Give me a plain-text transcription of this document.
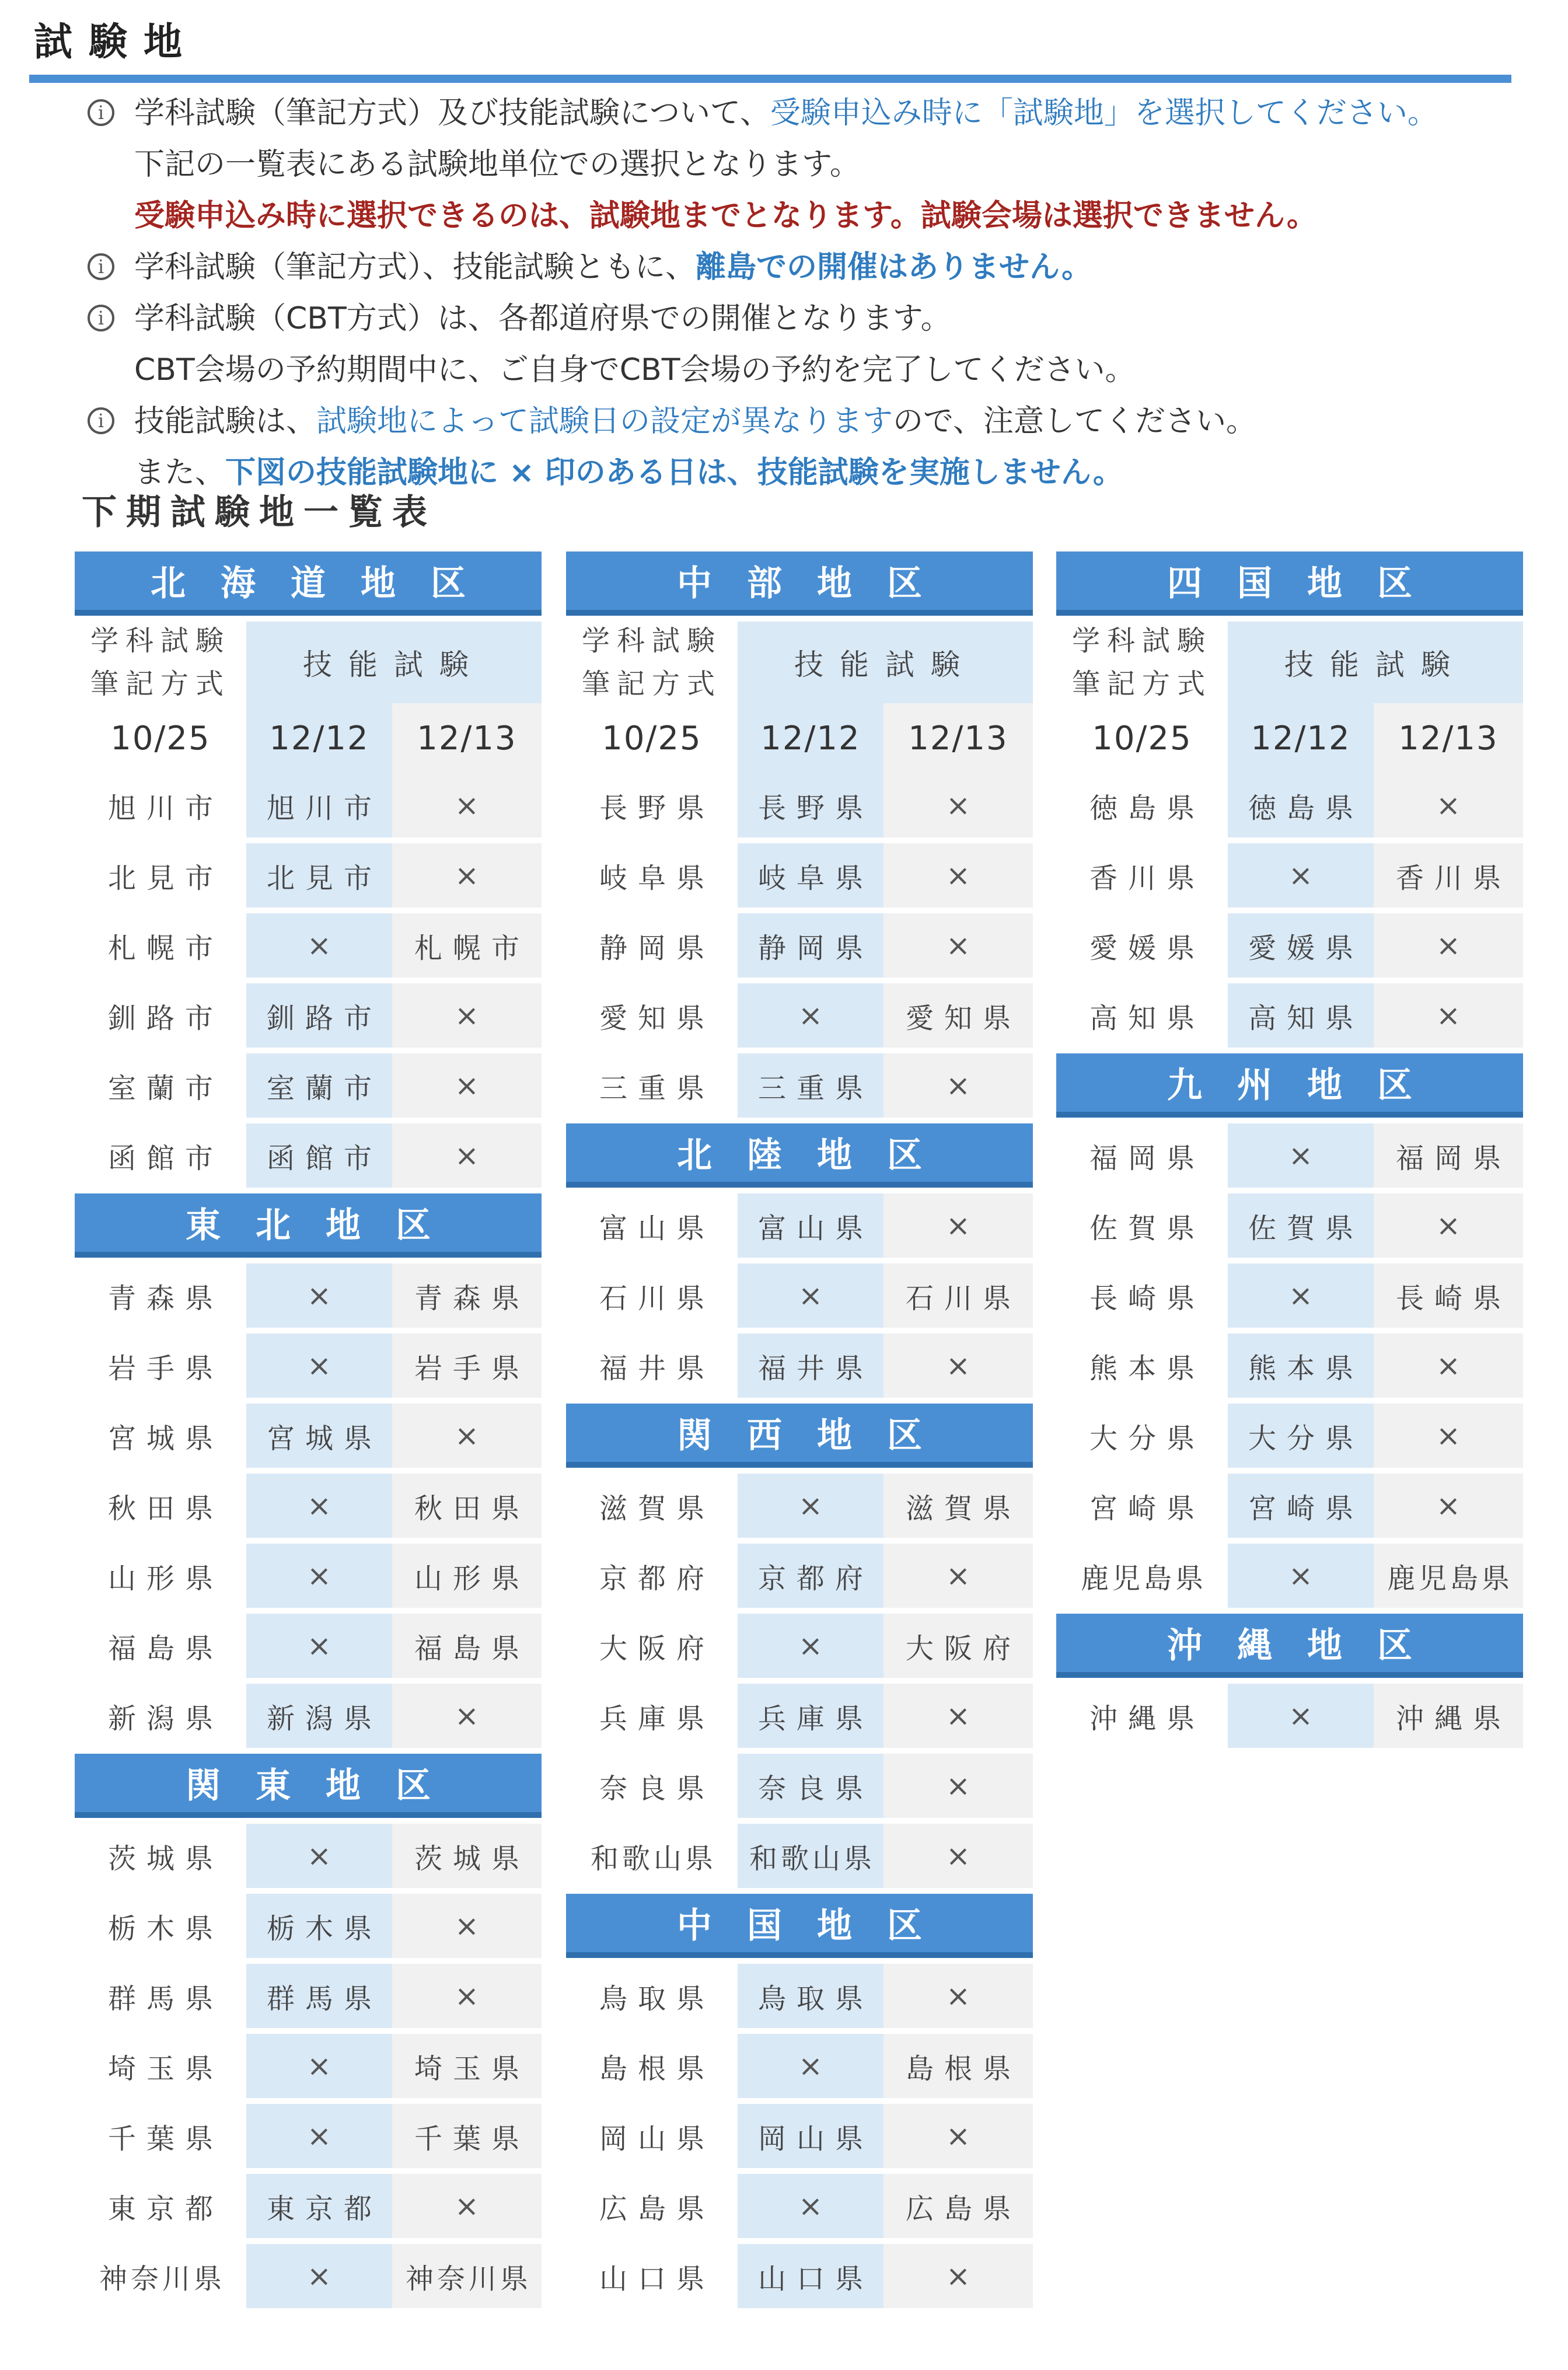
試験地
i 学科試験（筆記方式）及び技能試験について、受験申込み時に「試験地」を選択してください。
下記の一覧表にある試験地単位での選択となります。
受験申込み時に選択できるのは、試験地までとなります。試験会場は選択できません。
i 学科試験（筆記方式）、技能試験ともに、離島での開催はありません。
i 学科試験（CBT方式）は、各都道府県での開催となります。
CBT会場の予約期間中に、ご自身でCBT会場の予約を完了してください。
i 技能試験は、試験地によって試験日の設定が異なりますので、注意してください。
また、下図の技能試験地に × 印のある日は、技能試験を実施しません。
下期試験地一覧表
北海道地区
学科試験
筆記方式
技能試験
10/25	12/12	12/13
旭川市	旭川市	×
北見市	北見市	×
札幌市	×	札幌市
釧路市	釧路市	×
室蘭市	室蘭市	×
函館市	函館市	×
東北地区
青森県	×	青森県
岩手県	×	岩手県
宮城県	宮城県	×
秋田県	×	秋田県
山形県	×	山形県
福島県	×	福島県
新潟県	新潟県	×
関東地区
茨城県	×	茨城県
栃木県	栃木県	×
群馬県	群馬県	×
埼玉県	×	埼玉県
千葉県	×	千葉県
東京都	東京都	×
神奈川県	×	神奈川県
中部地区
学科試験
筆記方式
技能試験
10/25	12/12	12/13
長野県	長野県	×
岐阜県	岐阜県	×
静岡県	静岡県	×
愛知県	×	愛知県
三重県	三重県	×
北陸地区
富山県	富山県	×
石川県	×	石川県
福井県	福井県	×
関西地区
滋賀県	×	滋賀県
京都府	京都府	×
大阪府	×	大阪府
兵庫県	兵庫県	×
奈良県	奈良県	×
和歌山県	和歌山県	×
中国地区
鳥取県	鳥取県	×
島根県	×	島根県
岡山県	岡山県	×
広島県	×	広島県
山口県	山口県	×
四国地区
学科試験
筆記方式
技能試験
10/25	12/12	12/13
徳島県	徳島県	×
香川県	×	香川県
愛媛県	愛媛県	×
高知県	高知県	×
九州地区
福岡県	×	福岡県
佐賀県	佐賀県	×
長崎県	×	長崎県
熊本県	熊本県	×
大分県	大分県	×
宮崎県	宮崎県	×
鹿児島県	×	鹿児島県
沖縄地区
沖縄県	×	沖縄県
